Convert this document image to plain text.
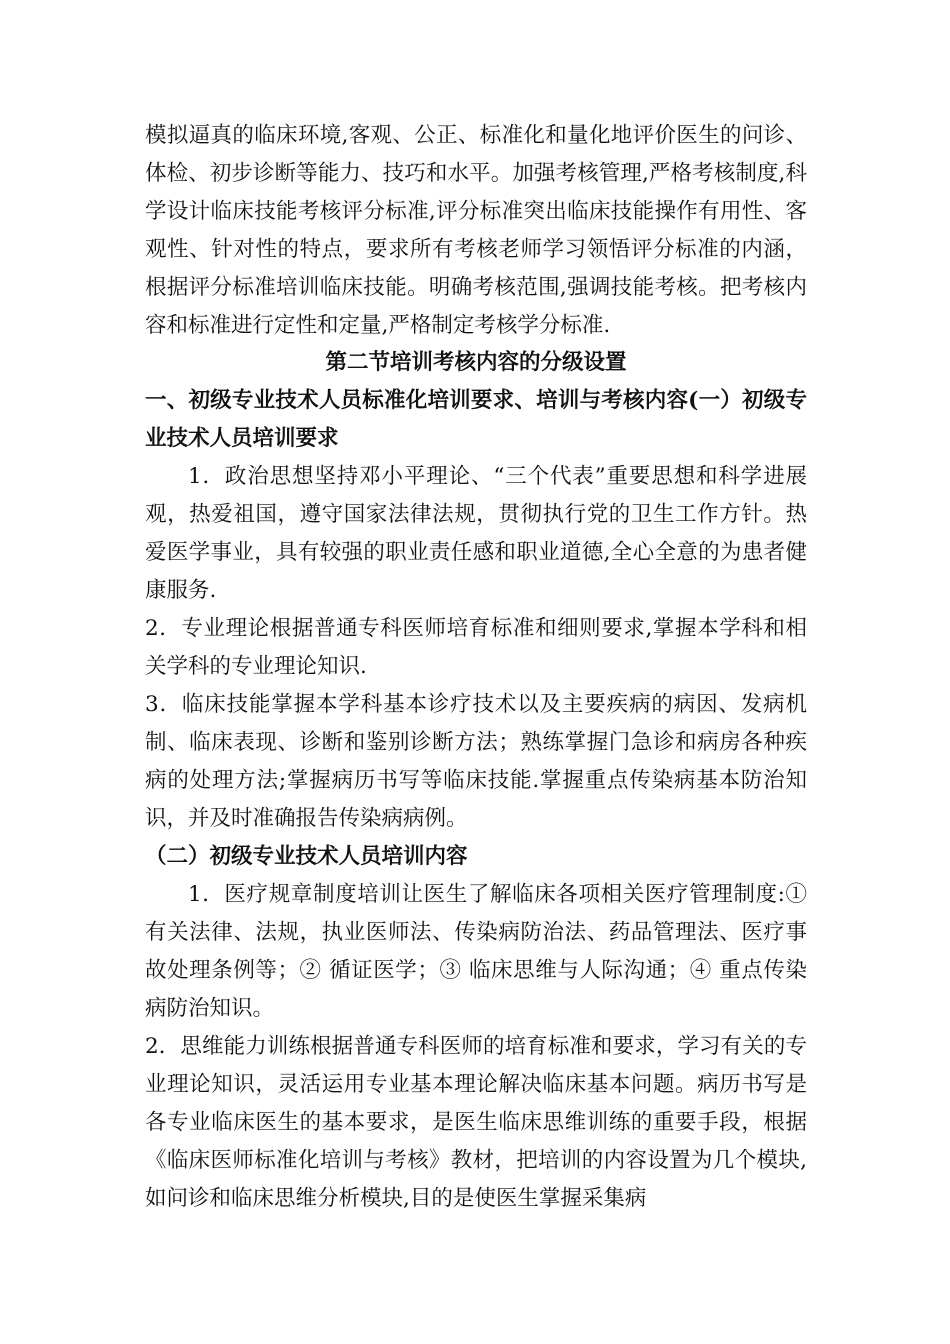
模拟逼真的临床环境,客观、公正、标准化和量化地评价医生的问诊、体检、初步诊断等能力、技巧和水平。加强考核管理,严格考核制度,科学设计临床技能考核评分标准,评分标准突出临床技能操作有用性、客观性、针对性的特点，要求所有考核老师学习领悟评分标准的内涵，根据评分标准培训临床技能。明确考核范围,强调技能考核。把考核内容和标准进行定性和定量,严格制定考核学分标准.

第二节培训考核内容的分级设置

一、初级专业技术人员标准化培训要求、培训与考核内容(一）初级专业技术人员培训要求

1．政治思想坚持邓小平理论、“三个代表”重要思想和科学进展观，热爱祖国，遵守国家法律法规，贯彻执行党的卫生工作方针。热爱医学事业，具有较强的职业责任感和职业道德,全心全意的为患者健康服务.

2．专业理论根据普通专科医师培育标准和细则要求,掌握本学科和相关学科的专业理论知识.

3．临床技能掌握本学科基本诊疗技术以及主要疾病的病因、发病机制、临床表现、诊断和鉴别诊断方法；熟练掌握门急诊和病房各种疾病的处理方法;掌握病历书写等临床技能.掌握重点传染病基本防治知识，并及时准确报告传染病病例。

（二）初级专业技术人员培训内容

1．医疗规章制度培训让医生了解临床各项相关医疗管理制度:① 有关法律、法规，执业医师法、传染病防治法、药品管理法、医疗事故处理条例等；② 循证医学；③ 临床思维与人际沟通；④ 重点传染病防治知识。

2．思维能力训练根据普通专科医师的培育标准和要求，学习有关的专业理论知识，灵活运用专业基本理论解决临床基本问题。病历书写是各专业临床医生的基本要求，是医生临床思维训练的重要手段，根据《临床医师标准化培训与考核》教材，把培训的内容设置为几个模块,如问诊和临床思维分析模块,目的是使医生掌握采集病
